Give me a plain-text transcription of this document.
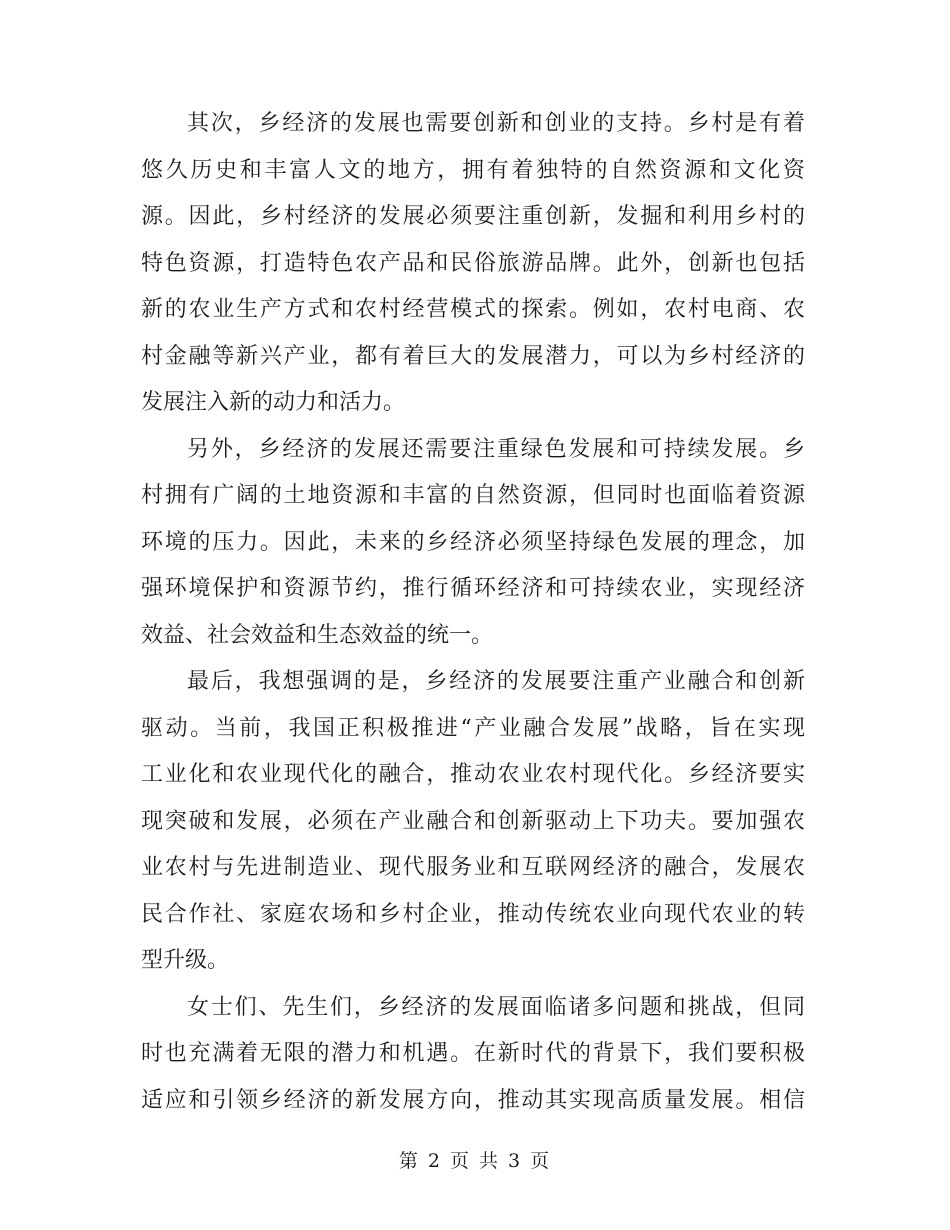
其次，乡经济的发展也需要创新和创业的支持。乡村是有着
悠久历史和丰富人文的地方，拥有着独特的自然资源和文化资
源。因此，乡村经济的发展必须要注重创新，发掘和利用乡村的
特色资源，打造特色农产品和民俗旅游品牌。此外，创新也包括
新的农业生产方式和农村经营模式的探索。例如，农村电商、农
村金融等新兴产业，都有着巨大的发展潜力，可以为乡村经济的
发展注入新的动力和活力。
另外，乡经济的发展还需要注重绿色发展和可持续发展。乡
村拥有广阔的土地资源和丰富的自然资源，但同时也面临着资源
环境的压力。因此，未来的乡经济必须坚持绿色发展的理念，加
强环境保护和资源节约，推行循环经济和可持续农业，实现经济
效益、社会效益和生态效益的统一。
最后，我想强调的是，乡经济的发展要注重产业融合和创新
驱动。当前，我国正积极推进“产业融合发展”战略，旨在实现
工业化和农业现代化的融合，推动农业农村现代化。乡经济要实
现突破和发展，必须在产业融合和创新驱动上下功夫。要加强农
业农村与先进制造业、现代服务业和互联网经济的融合，发展农
民合作社、家庭农场和乡村企业，推动传统农业向现代农业的转
型升级。
女士们、先生们，乡经济的发展面临诸多问题和挑战，但同
时也充满着无限的潜力和机遇。在新时代的背景下，我们要积极
适应和引领乡经济的新发展方向，推动其实现高质量发展。相信
第 2 页 共 3 页
